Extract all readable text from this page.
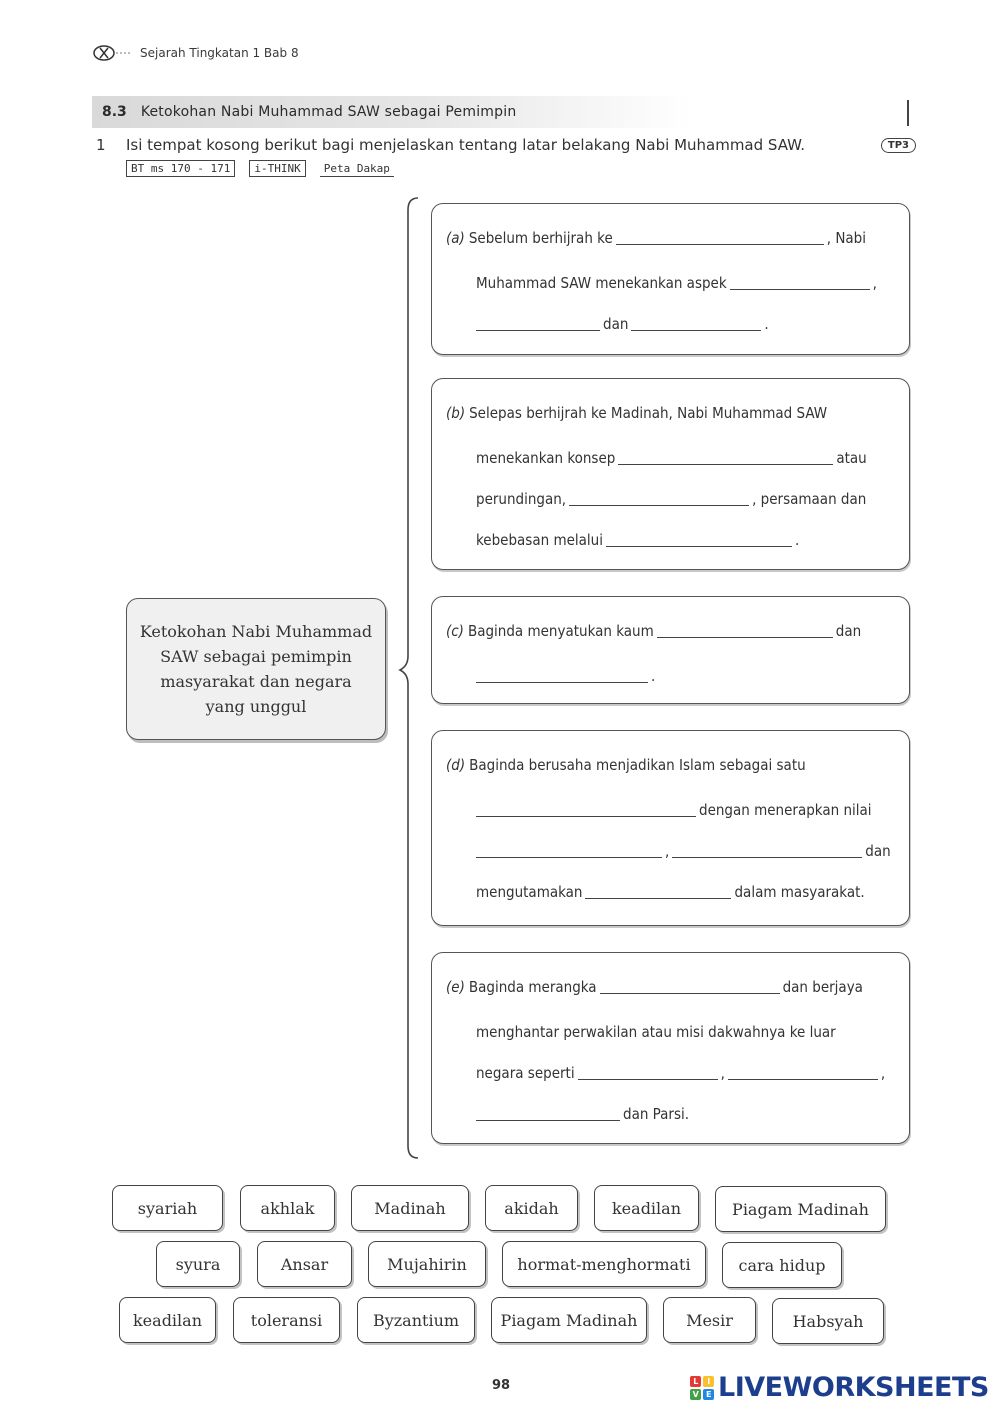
Sejarah Tingkatan 1 Bab 8
8.3 Ketokohan Nabi Muhammad SAW sebagai Pemimpin
1 Isi tempat kosong berikut bagi menjelaskan tentang latar belakang Nabi Muhammad SAW.	TP3
BT ms 170 - 171	i-THINK	Peta Dakap
Ketokohan Nabi Muhammad SAW sebagai pemimpin masyarakat dan negara yang unggul
(a) Sebelum berhijrah ke	, Nabi
Muhammad SAW menekankan aspek	,
dan	.
(b) Selepas berhijrah ke Madinah, Nabi Muhammad SAW
menekankan konsep	atau
perundingan,	, persamaan dan
kebebasan melalui	.
(c) Baginda menyatukan kaum	dan
.
(d) Baginda berusaha menjadikan Islam sebagai satu
dengan menerapkan nilai
,	dan
mengutamakan	dalam masyarakat.
(e) Baginda merangka	dan berjaya
menghantar perwakilan atau misi dakwahnya ke luar
negara seperti	,	,
dan Parsi.
syariah	akhlak	Madinah	akidah	keadilan	Piagam Madinah
syura	Ansar	Mujahirin	hormat-menghormati	cara hidup
keadilan	toleransi	Byzantium	Piagam Madinah	Mesir	Habsyah
98	L	I
V E LIVEWORKSHEETS
